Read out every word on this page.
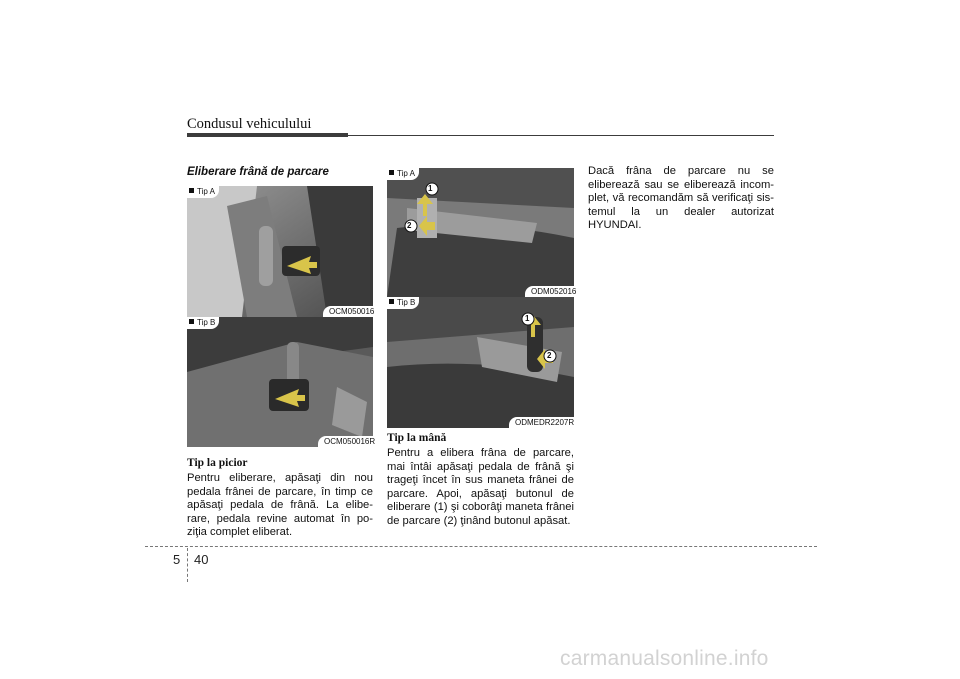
Condusul vehiculului
Eliberare frână de parcare
Tip A
OCM050016
Tip B
OCM050016R
Tip la picior
Pentru eliberare, apăsaţi din nou pedala frânei de parcare, în timp ce apăsaţi pedala de frână. La elibe-rare, pedala revine automat în po-ziţia complet eliberat.
1
2
Tip A
ODM052016
1
2
Tip B
ODMEDR2207R
Tip la mână
Pentru a elibera frâna de parcare, mai întâi apăsaţi pedala de frână şi trageţi încet în sus maneta frânei de parcare. Apoi, apăsaţi butonul de eliberare (1) şi coborâţi maneta frânei de parcare (2) ţinând butonul apăsat.
Dacă frâna de parcare nu se eliberează sau se eliberează incom-plet, vă recomandăm să verificaţi sis-temul la un dealer autorizat HYUNDAI.
5 40
carmanualsonline.info
